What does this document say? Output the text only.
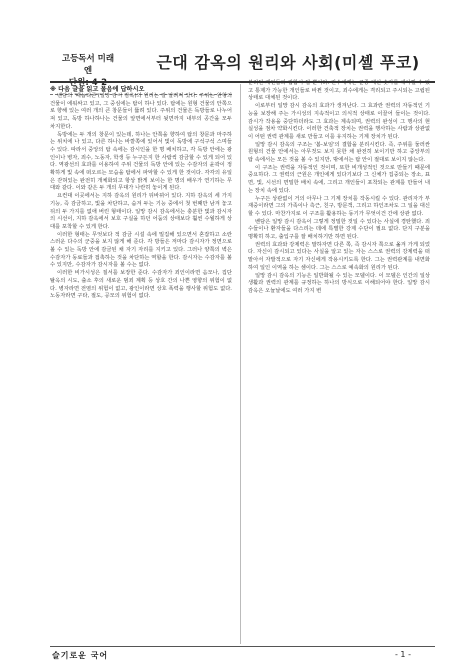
고등독서 미래엔
단원: 4-2
근대 감옥의 원리와 사회(미셸 푸코)
※ 다음 글을 읽고 물음에 답하시오

벤담의 '패놉티콘'(일망 감시 감옥)의 원리는 잘 알려져 있다. 주위는 원형의 건물이 에워싸고 있고, 그 중심에는 탑이 하나 있다. 탑에는 원형 건물의 안쪽으로 향해 있는 여러 개의 큰 창문들이 뚫려 있다. 주위의 건물은 독방들로 나누어져 있고, 독방 하나하나는 건물의 앞면에서부터 뒷면까지 내부의 공간을 모두 차지한다.

독방에는 두 개의 창문이 있는데, 하나는 안쪽을 향하여 탑의 창문과 마주하는 위치에 나 있고, 다른 하나는 바깥쪽에 있어서 빛이 독방에 구석구석 스며들 수 있다. 따라서 중앙의 탑 속에는 감시인을 한 명 배치하고, 각 독방 안에는 광인이나 병자, 죄수, 노동자, 학생 등 누구든지 한 사람씩 감금할 수 있게 되어 있다. 역광선의 효과를 이용하여 주위 건물의 독방 안에 있는 수감자의 윤곽이 정확하게 빛 속에 떠오르는 모습을 탑에서 파악할 수 있게 한 것이다. 각각의 유일은 갇혀있는 완전히 개체화되고 항상 밝게 보이는 한 명의 배우가 연기하는 무대와 같다. 이와 같은 두 개의 무대가 나란히 놓이게 된다.

요컨대 이곳에서는 지하 감옥의 원리가 뒤바뀌어 있다. 지하 감옥의 세 가지 기능, 즉 감금하고, 빛을 차단하고, 숨겨 두는 기능 중에서 첫 번째만 남겨 놓고 뒤의 두 가지를 없애 버린 형태이다. 일망 감시 감옥에서는 충분한 빛과 감시자의 시선이, 지하 감옥에서 보호 구실을 하던 어둠의 상태보다 훨씬 수월하게 상대를 포착할 수 있게 한다.

이러한 형태는 무엇보다 적 감금 시설 속에 밀집해 있으면서 혼잡하고 소란스러운 다수의 군중을 보지 않게 해 준다. 각 방들은 저마다 감시자가 정면으로 볼 수 있는 독방 안에 감금된 채 자기 자리를 지키고 있다. 그러나 양쪽의 벽은 수감자가 동료들과 접촉하는 것을 차단하는 역할을 한다. 감시자는 수감자를 볼 수 있지만, 수감자가 감시자를 볼 수는 없다.

이러한 비가시성은 질서를 보장한 준다. 수감자가 죄인이라면 음모나, 집단 탈옥의 시도, 출소 후의 새로운 범죄 계획 등 상호 간의 나쁜 영향의 위험이 없다. 병자라면 전염의 위험이 없고, 광인이라면 상호 폭력을 행사할 위험도 없다. 노동자라면 구타, 절도, 공모의 위험이 없다.

분리된 개인들의 집합이 될 뿐이다. 간수에게는 군중 대신 숫자를 헤아릴 수 있고 통제가 가능한 개인들로 바뀐 것이고, 죄수에게는 격리되고 주시되는 고립된 상태로 대체된 것이다.

이로부터 일망 감시 감옥의 효과가 생겨난다. 그 효과란 권력의 자동적인 기능을 보장해 주는 가시성의 지속적이고 의식적 상태로 이끌어 들이는 것이다. 감시가 작용을 중단하더라도 그 효과는 계속되며, 권력의 완성이 그 행사의 현실성을 점차 약화시킨다. 이러한 건축적 장치는 권력을 행사하는 사람과 상관없이 어떤 권력 관계를 새로 만들고 이를 유지하는 기계 장치가 된다.

일망 감시 감옥의 구조는 '봄-보임'의 결합을 분리시킨다. 즉, 주위를 둘러싼 원형의 건물 안에서는 아무것도 보지 못한 채 완전히 보이기만 하고 중앙부의 탑 속에서는 모든 것을 볼 수 있지만, 밖에서는 탑 안이 절대로 보이지 않는다.

이 구조는 권력을 자동적인 것이며, 또한 비개성적인 것으로 만들기 때문에 중요하다. 그 권력의 근원은 개인에게 있다기보다 그 신체가 집중되는 장소, 표면, 빛, 시선의 면밀한 배치 속에, 그리고 개인들이 포착되는 관계를 만들어 내는 장치 속에 있다.

누구든 상관없이 거의 아무나 그 기계 장치를 작동시킬 수 있다. 관리자가 부재중이라면 그의 가족이나 측근, 친구, 방문객, 그리고 하인조차도 그 일을 대신할 수 있다. 마찬가지로 이 구조를 활용하는 동기가 무엇이건 간에 상관 없다.

벤담은 일망 감시 감옥이 그렇게 정밀한 것일 수 있다는 사실에 경탄했다. 죄수들이나 환자들을 다스리는 데에 특별한 강제 수단이 필요 없다. 단지 구분을 명확히 하고, 출입구를 잘 배치하기만 하면 된다.

권력의 효과와 강제력은 말하자면 다른 쪽, 즉 감시자 쪽으로 옮겨 가게 되었다. 자신이 감시되고 있다는 사실을 알고 있는 자는 스스로 권력의 강제력을 떠맡아서 자발적으로 자기 자신에게 작용시키도록 한다. 그는 권력관계를 내면화하여 일인 이역을 하는 셈이다. 그는 스스로 예속화의 원리가 된다.

일망 감시 감옥의 기능은 일반화될 수 있는 모델이다. 이 모델은 인간의 일상생활과 권력의 관계를 규정하는 하나의 방식으로 이해되어야 한다. 일망 감시 감옥은 오늘날에도 여러 가지 변

슬기로운 국어	- 1 -
